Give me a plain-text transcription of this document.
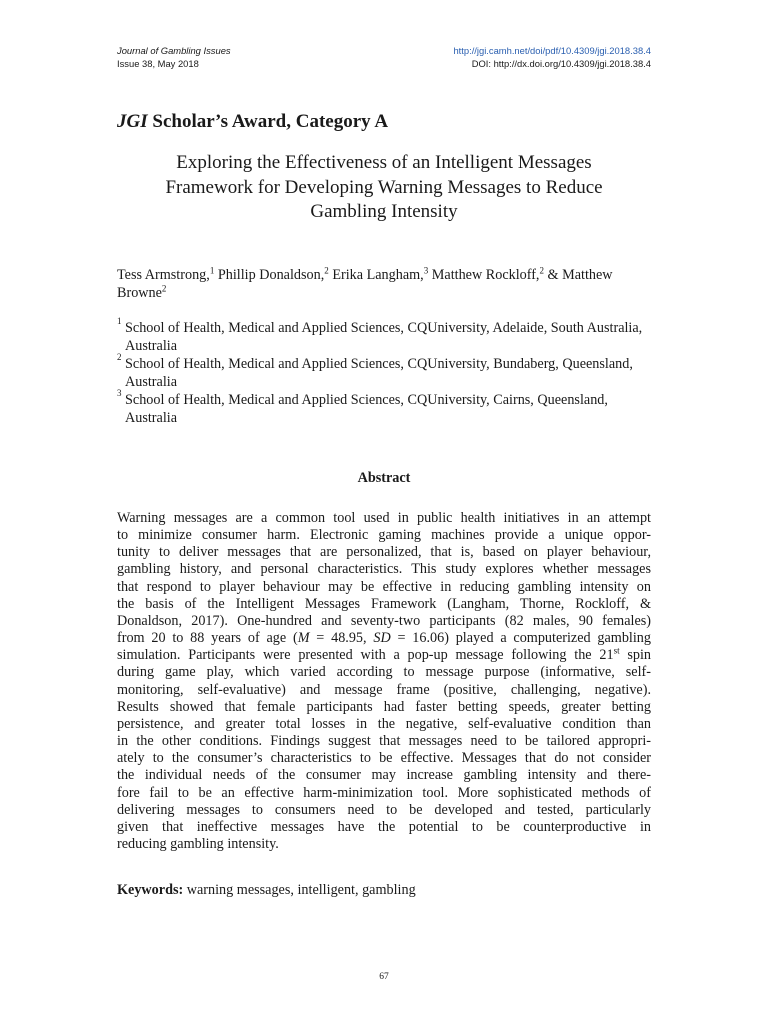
Journal of Gambling Issues
Issue 38, May 2018
http://jgi.camh.net/doi/pdf/10.4309/jgi.2018.38.4
DOI: http://dx.doi.org/10.4309/jgi.2018.38.4
JGI Scholar’s Award, Category A
Exploring the Effectiveness of an Intelligent Messages
Framework for Developing Warning Messages to Reduce
Gambling Intensity
Tess Armstrong,$^1$ Phillip Donaldson,$^2$ Erika Langham,$^3$ Matthew Rockloff,$^2$ & Matthew Browne$^2$
1 School of Health, Medical and Applied Sciences, CQUniversity, Adelaide, South Australia, Australia
2 School of Health, Medical and Applied Sciences, CQUniversity, Bundaberg, Queensland, Australia
3 School of Health, Medical and Applied Sciences, CQUniversity, Cairns, Queensland, Australia
Abstract
Warning messages are a common tool used in public health initiatives in an attempt
to minimize consumer harm. Electronic gaming machines provide a unique oppor-
tunity to deliver messages that are personalized, that is, based on player behaviour,
gambling history, and personal characteristics. This study explores whether messages
that respond to player behaviour may be effective in reducing gambling intensity on
the basis of the Intelligent Messages Framework (Langham, Thorne, Rockloff, &
Donaldson, 2017). One-hundred and seventy-two participants (82 males, 90 females)
from 20 to 88 years of age (M = 48.95, SD = 16.06) played a computerized gambling
simulation. Participants were presented with a pop-up message following the 21st spin
during game play, which varied according to message purpose (informative, self-
monitoring, self-evaluative) and message frame (positive, challenging, negative).
Results showed that female participants had faster betting speeds, greater betting
persistence, and greater total losses in the negative, self-evaluative condition than
in the other conditions. Findings suggest that messages need to be tailored appropri-
ately to the consumer’s characteristics to be effective. Messages that do not consider
the individual needs of the consumer may increase gambling intensity and there-
fore fail to be an effective harm-minimization tool. More sophisticated methods of
delivering messages to consumers need to be developed and tested, particularly
given that ineffective messages have the potential to be counterproductive in
reducing gambling intensity.
Keywords: warning messages, intelligent, gambling
67
